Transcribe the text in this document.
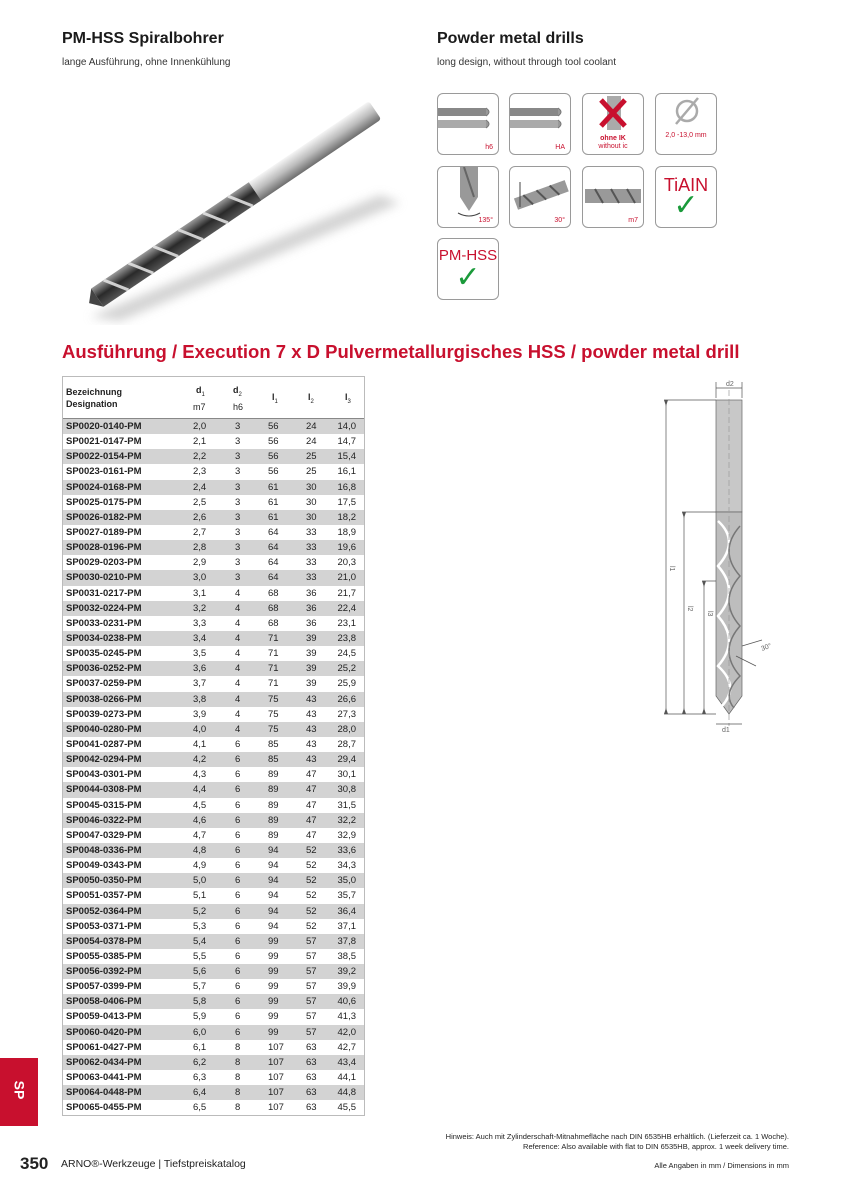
PM-HSS Spiralbohrer
lange Ausführung, ohne Innenkühlung
Powder metal drills
long design, without through tool coolant
h6	HA
ohne IK
without ic
2,0 -13,0 mm
135°	30°	m7
TiAIN
✓
PM-HSS
✓
Ausführung / Execution 7 x D Pulvermetallurgisches HSS / powder metal drill
Bezeichnung
Designation
$d_1$
m7
$d_2$
h6
$l_1$	$l_2$	$l_3$
SP0020-0140-PM	2,0	3	56	24 14,0
SP0021-0147-PM	2,1	3	56	24 14,7
SP0022-0154-PM	2,2	3	56	25 15,4
SP0023-0161-PM	2,3	3	56	25 16,1
SP0024-0168-PM	2,4	3	61	30 16,8
SP0025-0175-PM	2,5	3	61	30 17,5
SP0026-0182-PM	2,6	3	61	30 18,2
SP0027-0189-PM	2,7	3	64	33 18,9
SP0028-0196-PM	2,8	3	64	33 19,6
SP0029-0203-PM	2,9	3	64	33 20,3
SP0030-0210-PM	3,0	3	64	33 21,0
SP0031-0217-PM	3,1	4	68	36 21,7
SP0032-0224-PM	3,2	4	68	36 22,4
SP0033-0231-PM	3,3	4	68	36 23,1
SP0034-0238-PM	3,4	4	71	39 23,8
SP0035-0245-PM	3,5	4	71	39 24,5
SP0036-0252-PM	3,6	4	71	39 25,2
SP0037-0259-PM	3,7	4	71	39 25,9
SP0038-0266-PM	3,8	4	75	43 26,6
SP0039-0273-PM	3,9	4	75	43 27,3
SP0040-0280-PM	4,0	4	75	43 28,0
SP0041-0287-PM	4,1	6	85	43 28,7
SP0042-0294-PM	4,2	6	85	43 29,4
SP0043-0301-PM	4,3	6	89	47 30,1
SP0044-0308-PM	4,4	6	89	47 30,8
SP0045-0315-PM	4,5	6	89	47 31,5
SP0046-0322-PM	4,6	6	89	47 32,2
SP0047-0329-PM	4,7	6	89	47 32,9
SP0048-0336-PM	4,8	6	94	52 33,6
SP0049-0343-PM	4,9	6	94	52 34,3
SP0050-0350-PM	5,0	6	94	52 35,0
SP0051-0357-PM	5,1	6	94	52 35,7
SP0052-0364-PM	5,2	6	94	52 36,4
SP0053-0371-PM	5,3	6	94	52 37,1
SP0054-0378-PM	5,4	6	99	57 37,8
SP0055-0385-PM	5,5	6	99	57 38,5
SP0056-0392-PM	5,6	6	99	57 39,2
SP0057-0399-PM	5,7	6	99	57 39,9
SP0058-0406-PM	5,8	6	99	57 40,6
SP0059-0413-PM	5,9	6	99	57 41,3
SP0060-0420-PM	6,0	6	99	57 42,0
SP0061-0427-PM	6,1	8	107 63 42,7
SP0062-0434-PM	6,2	8	107 63 43,4
SP0063-0441-PM	6,3	8	107 63 44,1
SP0064-0448-PM	6,4	8	107 63 44,8
SP0065-0455-PM	6,5	8	107 63 45,5
d2
d1
l1
l2
l3
30°
SP
Hinweis: Auch mit Zylinderschaft-Mitnahmefläche nach DIN 6535HB erhältlich. (Lieferzeit ca. 1 Woche).
Reference: Also available with flat to DIN 6535HB, approx. 1 week delivery time.
350 ARNO®-Werkzeuge | Tiefstpreiskatalog	Alle Angaben in mm / Dimensions in mm
